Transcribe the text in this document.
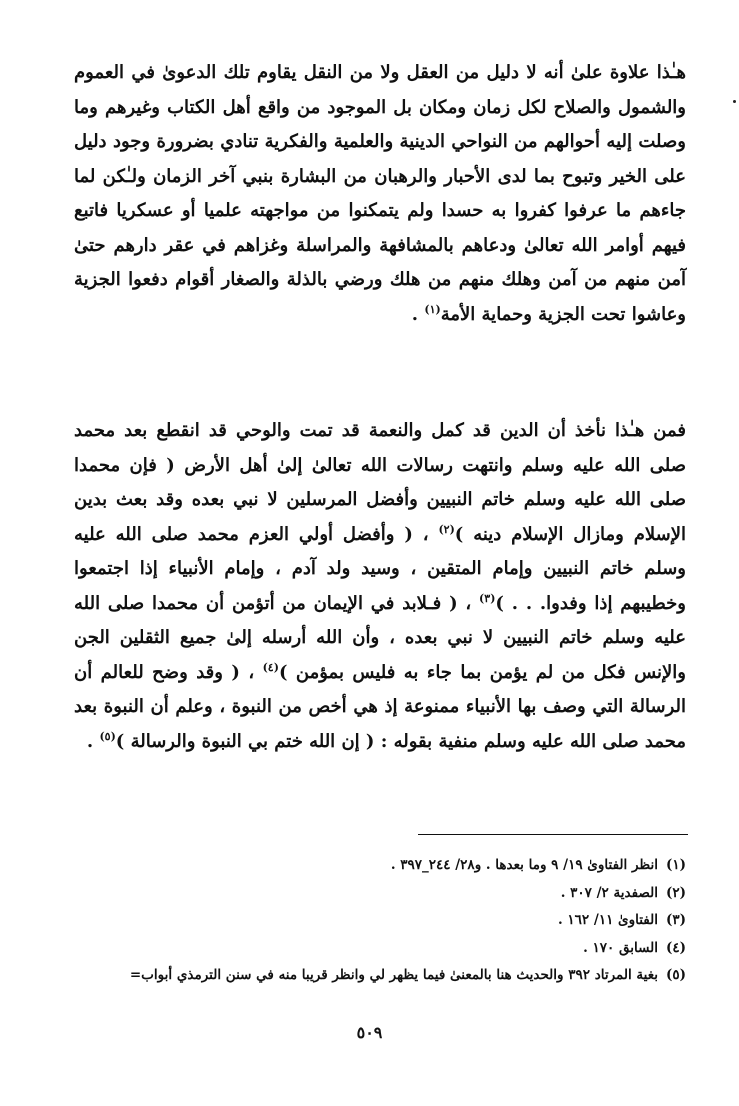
هـٰذا علاوة علىٰ أنه لا دليل من العقل ولا من النقل يقاوم تلك الدعوىٰ في العموم والشمول والصلاح لكل زمان ومكان بل الموجود من واقع أهل الكتاب وغيرهم وما وصلت إليه أحوالهم من النواحي الدينية والعلمية والفكرية تنادي بضرورة وجود دليل على الخير وتبوح بما لدى الأحبار والرهبان من البشارة بنبي آخر الزمان ولـٰكن لما جاءهم ما عرفوا كفروا به حسدا ولم يتمكنوا من مواجهته علميا أو عسكريا فاتبع فيهم أوامر الله تعالىٰ ودعاهم بالمشافهة والمراسلة وغزاهم في عقر دارهم حتىٰ آمن منهم من آمن وهلك منهم من هلك ورضي بالذلة والصغار أقوام دفعوا الجزية وعاشوا تحت الجزية وحماية الأمة$^{(١)}$ .

فمن هـٰذا نأخذ أن الدين قد كمل والنعمة قد تمت والوحي قد انقطع بعد محمد صلى الله عليه وسلم وانتهت رسالات الله تعالىٰ إلىٰ أهل الأرض ( فإن محمدا صلى الله عليه وسلم خاتم النبيين وأفضل المرسلين لا نبي بعده وقد بعث بدين الإسلام ومازال الإسلام دينه )$^{(٢)}$ ، ( وأفضل أولي العزم محمد صلى الله عليه وسلم خاتم النبيين وإمام المتقين ، وسيد ولد آدم ، وإمام الأنبياء إذا اجتمعوا وخطيبهم إذا وفدوا. . . )$^{(٣)}$ ، ( فـلابد في الإيمان من أتؤمن أن محمدا صلى الله عليه وسلم خاتم النبيين لا نبي بعده ، وأن الله أرسله إلىٰ جميع الثقلين الجن والإنس فكل من لم يؤمن بما جاء به فليس بمؤمن )$^{(٤)}$ ، ( وقد وضح للعالم أن الرسالة التي وصف بها الأنبياء ممنوعة إذ هي أخص من النبوة ، وعلم أن النبوة بعد محمد صلى الله عليه وسلم منفية بقوله : ( إن الله ختم بي النبوة والرسالة )$^{(٥)}$ .

(١)
انظر الفتاوىٰ ١٩/ ٩ وما بعدها . و٢٨/ ٢٤٤_٣٩٧ .
(٢)
الصفدية ٢/ ٣٠٧ .
(٣)
الفتاوىٰ ١١/ ١٦٢ .
(٤)
السابق ١٧٠ .
(٥)
بغية المرتاد ٣٩٢ والحديث هنا بالمعنىٰ فيما يظهر لي وانظر قريبا منه في سنن الترمذي أبواب=
٥٠٩
